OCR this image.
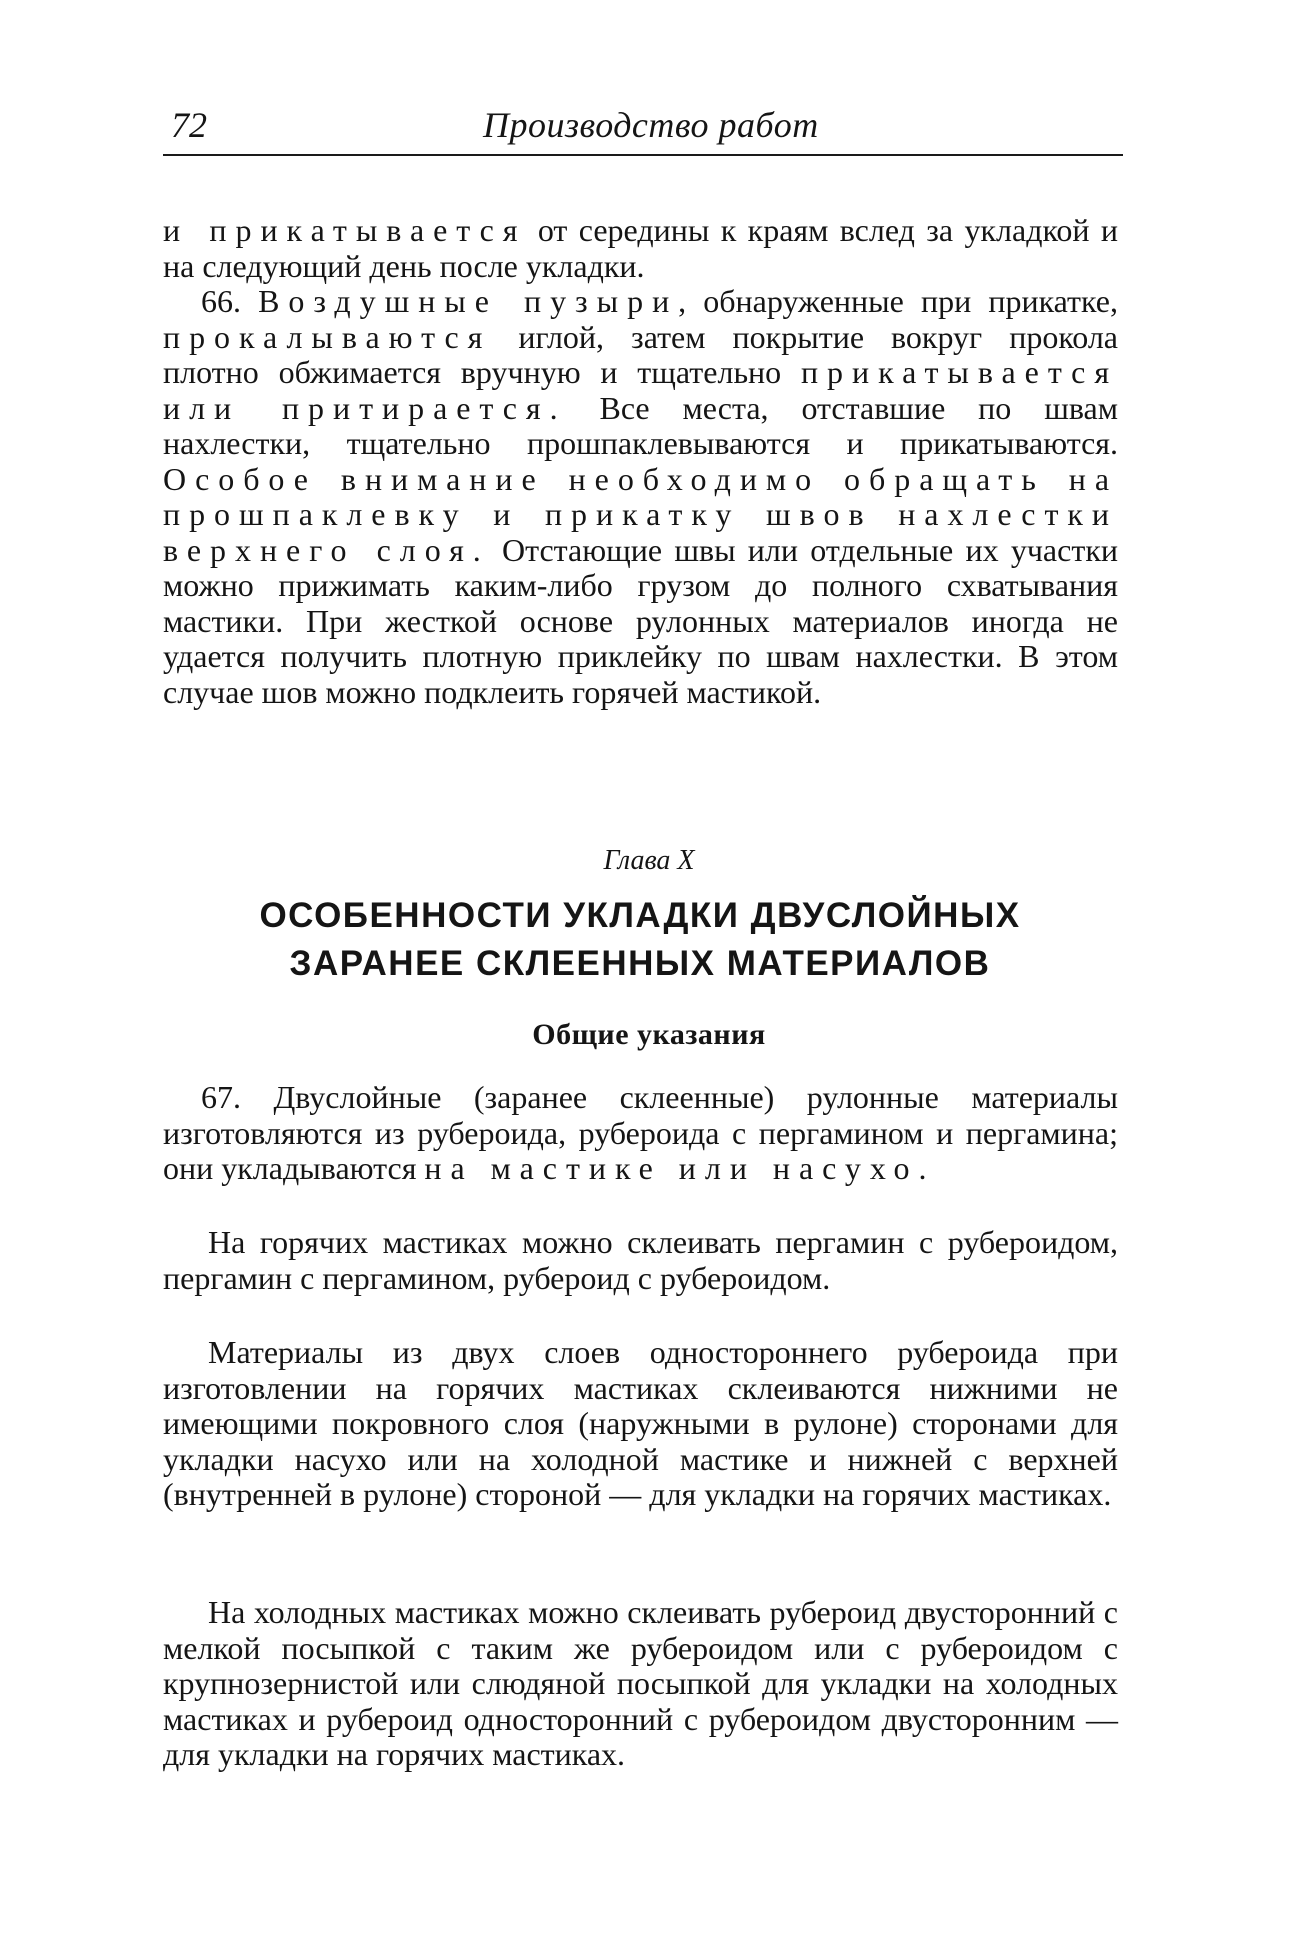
72	Производство работ

и прикатывается от середины к краям вслед за укладкой и на следующий день после укладки.

66. Воздушные пузыри, обнаруженные при прикатке, прокалываются иглой, затем покрытие вокруг прокола плотно обжимается вручную и тщательно прикатывается или притирается. Все места, отставшие по швам нахлестки, тщательно прошпаклевываются и прикатываются. Особое внимание необходимо обращать на прошпаклевку и прикатку швов нахлестки верхнего слоя. Отстающие швы или отдельные их участки можно прижимать каким-либо грузом до полного схватывания мастики. При жесткой основе рулонных материалов иногда не удается получить плотную приклейку по швам нахлестки. В этом случае шов можно подклеить горячей мастикой.

Глава X
ОСОБЕННОСТИ УКЛАДКИ ДВУСЛОЙНЫХ
ЗАРАНЕЕ СКЛЕЕННЫХ МАТЕРИАЛОВ
Общие указания

67. Двуслойные (заранее склеенные) рулонные материалы изготовляются из рубероида, рубероида с пергамином и пергамина; они укладываются на мастике или насухо.

На горячих мастиках можно склеивать пергамин с рубероидом, пергамин с пергамином, рубероид с рубероидом.

Материалы из двух слоев одностороннего рубероида при изготовлении на горячих мастиках склеиваются нижними не имеющими покровного слоя (наружными в рулоне) сторонами для укладки насухо или на холодной мастике и нижней с верхней (внутренней в рулоне) стороной — для укладки на горячих мастиках.

На холодных мастиках можно склеивать рубероид двусторонний с мелкой посыпкой с таким же рубероидом или с рубероидом с крупнозернистой или слюдяной посыпкой для укладки на холодных мастиках и рубероид односторонний с рубероидом двусторонним — для укладки на горячих мастиках.
